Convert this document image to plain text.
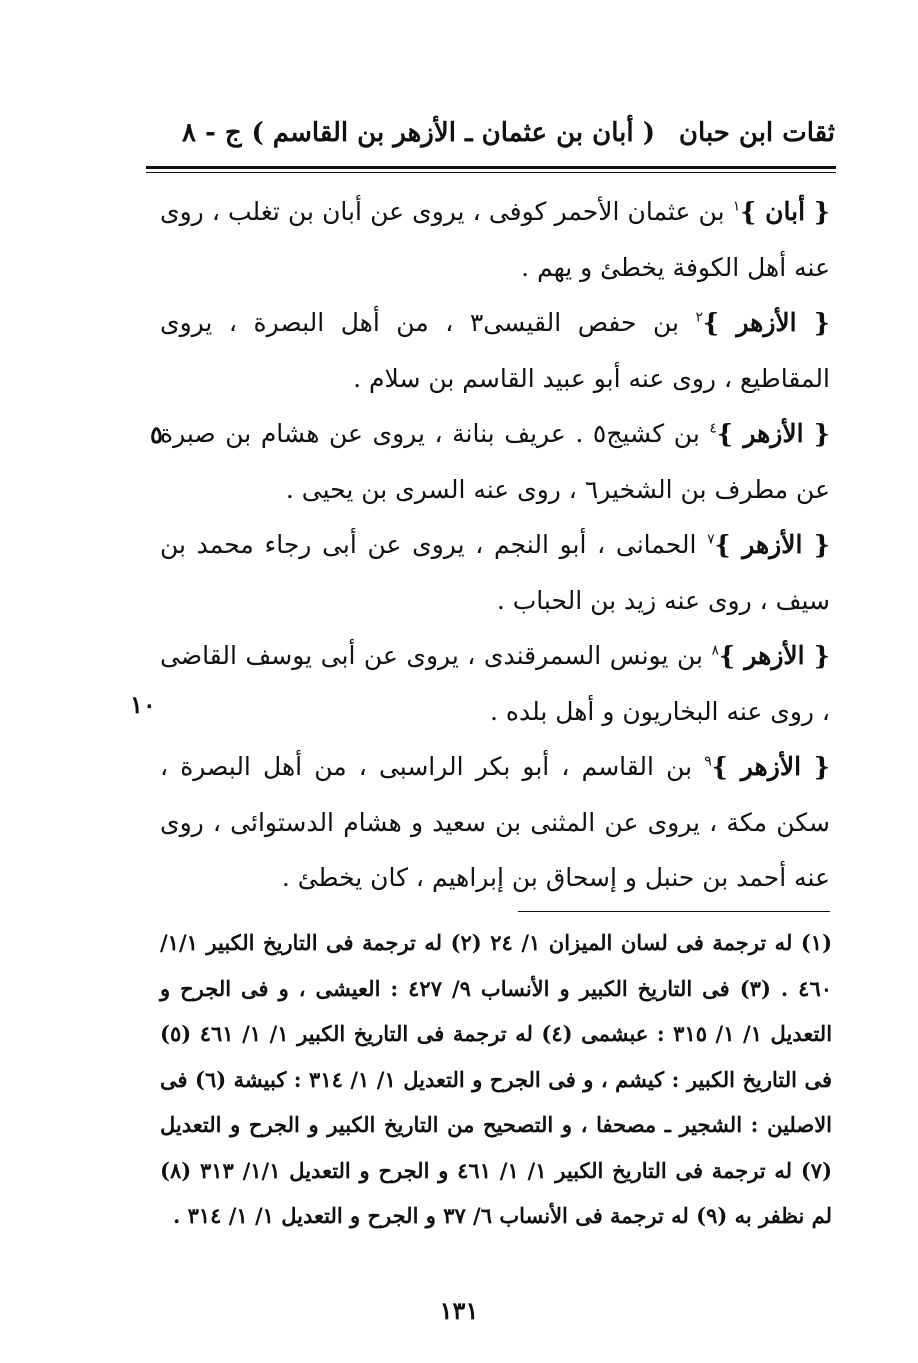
ثقات ابن حبان
( أبان بن عثمان ـ الأزهر بن القاسم )
ج - ٨

{ أبان }$^١$ بن عثمان الأحمر كوفى ، يروى عن أبان بن تغلب ، روى عنه أهل الكوفة يخطئ و يهم .

{ الأزهر }$^٢$ بن حفص القيسى٣ ، من أهل البصرة ، يروى المقاطيع ، روى عنه أبو عبيد القاسم بن سلام .

{ الأزهر }$^٤$ بن كشيج٥ . عريف بنانة ، يروى عن هشام بن صبرة عن مطرف بن الشخير٦ ، روى عنه السرى بن يحيى .

{ الأزهر }$^٧$ الحمانى ، أبو النجم ، يروى عن أبى رجاء محمد بن سيف ، روى عنه زيد بن الحباب .

{ الأزهر }$^٨$ بن يونس السمرقندى ، يروى عن أبى يوسف القاضى ، روى عنه البخاريون و أهل بلده .

{ الأزهر }$^٩$ بن القاسم ، أبو بكر الراسبى ، من أهل البصرة ، سكن مكة ، يروى عن المثنى بن سعيد و هشام الدستوائى ، روى عنه أحمد بن حنبل و إسحاق بن إبراهيم ، كان يخطئ .

٥
١٠
(١) له ترجمة فى لسان الميزان ١/ ٢٤ (٢) له ترجمة فى التاريخ الكبير ١/١/ ٤٦٠ . (٣) فى التاريخ الكبير و الأنساب ٩/ ٤٢٧ : العيشى ، و فى الجرح و التعديل ١/ ١/ ٣١٥ : عبشمى (٤) له ترجمة فى التاريخ الكبير ١/ ١/ ٤٦١ (٥) فى التاريخ الكبير : كيشم ، و فى الجرح و التعديل ١/ ١/ ٣١٤ : كبيشة (٦) فى الاصلين : الشجير ـ مصحفا ، و التصحيح من التاريخ الكبير و الجرح و التعديل (٧) له ترجمة فى التاريخ الكبير ١/ ١/ ٤٦١ و الجرح و التعديل ١/١/ ٣١٣ (٨) لم نظفر به (٩) له ترجمة فى الأنساب ٦/ ٣٧ و الجرح و التعديل ١/ ١/ ٣١٤ .
١٣١
